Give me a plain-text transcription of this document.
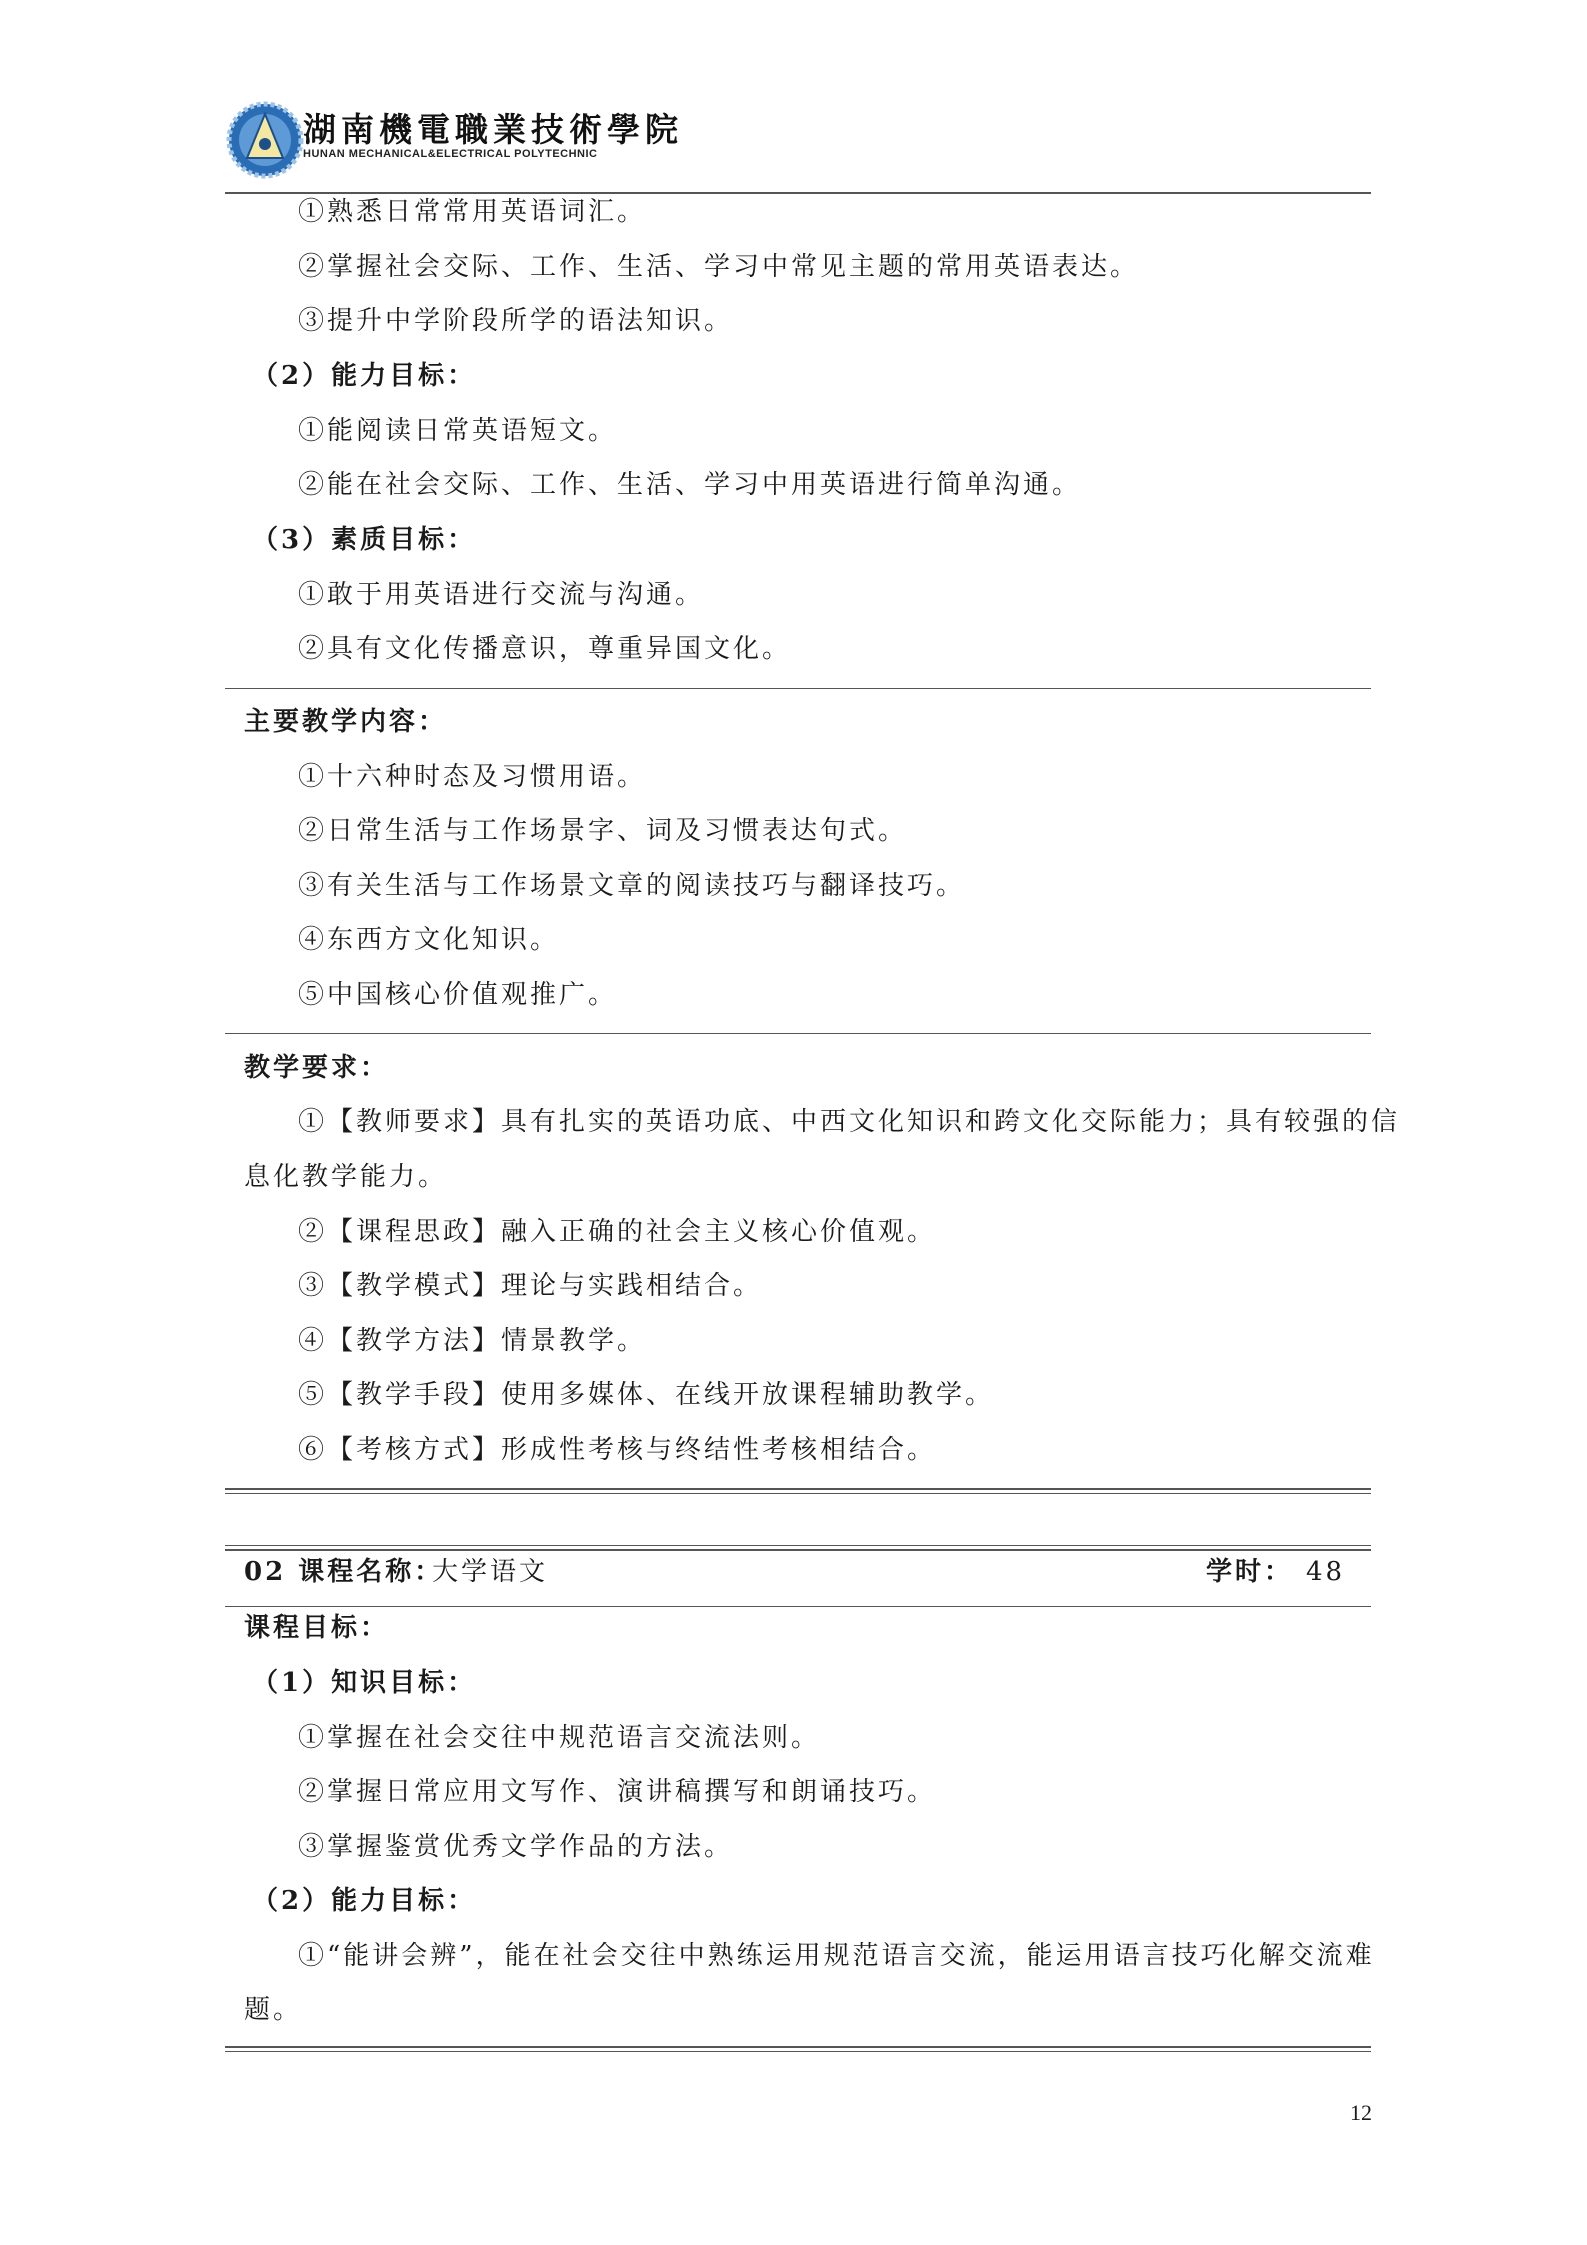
湖南機電職業技術學院
HUNAN MECHANICAL&ELECTRICAL POLYTECHNIC
①熟悉日常常用英语词汇。
②掌握社会交际、工作、生活、学习中常见主题的常用英语表达。
③提升中学阶段所学的语法知识。
（2）能力目标：
①能阅读日常英语短文。
②能在社会交际、工作、生活、学习中用英语进行简单沟通。
（3）素质目标：
①敢于用英语进行交流与沟通。
②具有文化传播意识，尊重异国文化。
主要教学内容：
①十六种时态及习惯用语。
②日常生活与工作场景字、词及习惯表达句式。
③有关生活与工作场景文章的阅读技巧与翻译技巧。
④东西方文化知识。
⑤中国核心价值观推广。
教学要求：
①【教师要求】具有扎实的英语功底、中西文化知识和跨文化交际能力；具有较强的信
息化教学能力。
②【课程思政】融入正确的社会主义核心价值观。
③【教学模式】理论与实践相结合。
④【教学方法】情景教学。
⑤【教学手段】使用多媒体、在线开放课程辅助教学。
⑥【考核方式】形成性考核与终结性考核相结合。
02 课程名称：
大学语文	学时： 48
课程目标：
（1）知识目标：
①掌握在社会交往中规范语言交流法则。
②掌握日常应用文写作、演讲稿撰写和朗诵技巧。
③掌握鉴赏优秀文学作品的方法。
（2）能力目标：
①“能讲会辨”，能在社会交往中熟练运用规范语言交流，能运用语言技巧化解交流难
题。
12
